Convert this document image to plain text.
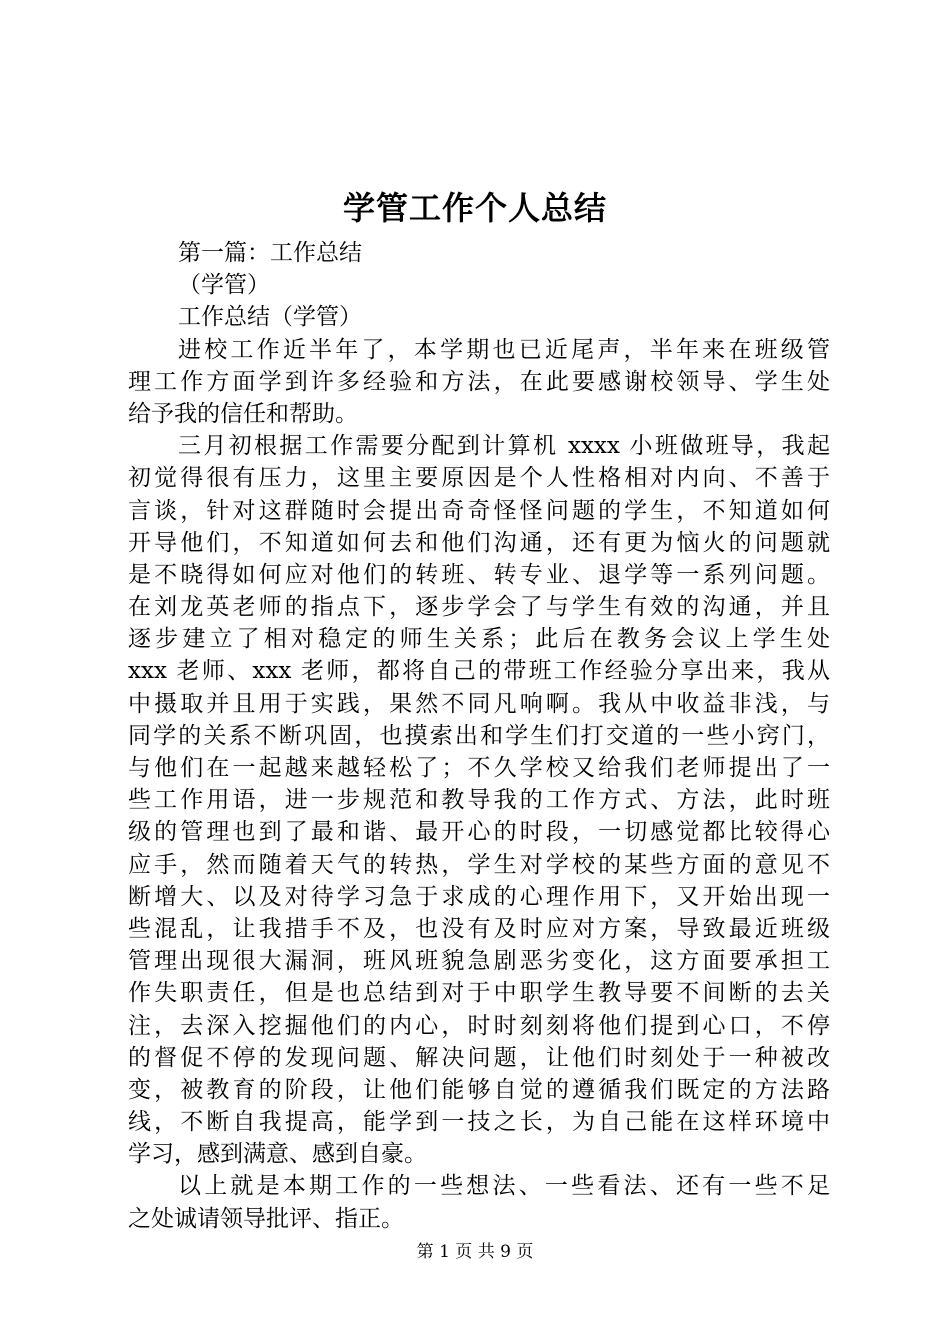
学管工作个人总结
第一篇：工作总结
（学管）
工作总结（学管）
进校工作近半年了，本学期也已近尾声，半年来在班级管
理工作方面学到许多经验和方法，在此要感谢校领导、学生处
给予我的信任和帮助。
三月初根据工作需要分配到计算机 xxxx 小班做班导，我起
初觉得很有压力，这里主要原因是个人性格相对内向、不善于
言谈，针对这群随时会提出奇奇怪怪问题的学生，不知道如何
开导他们，不知道如何去和他们沟通，还有更为恼火的问题就
是不晓得如何应对他们的转班、转专业、退学等一系列问题。
在刘龙英老师的指点下，逐步学会了与学生有效的沟通，并且
逐步建立了相对稳定的师生关系；此后在教务会议上学生处
xxx 老师、xxx 老师，都将自己的带班工作经验分享出来，我从
中摄取并且用于实践，果然不同凡响啊。我从中收益非浅，与
同学的关系不断巩固，也摸索出和学生们打交道的一些小窍门，
与他们在一起越来越轻松了；不久学校又给我们老师提出了一
些工作用语，进一步规范和教导我的工作方式、方法，此时班
级的管理也到了最和谐、最开心的时段，一切感觉都比较得心
应手，然而随着天气的转热，学生对学校的某些方面的意见不
断增大、以及对待学习急于求成的心理作用下，又开始出现一
些混乱，让我措手不及，也没有及时应对方案，导致最近班级
管理出现很大漏洞，班风班貌急剧恶劣变化，这方面要承担工
作失职责任，但是也总结到对于中职学生教导要不间断的去关
注，去深入挖掘他们的内心，时时刻刻将他们提到心口，不停
的督促不停的发现问题、解决问题，让他们时刻处于一种被改
变，被教育的阶段，让他们能够自觉的遵循我们既定的方法路
线，不断自我提高，能学到一技之长，为自己能在这样环境中
学习，感到满意、感到自豪。
以上就是本期工作的一些想法、一些看法、还有一些不足
之处诚请领导批评、指正。
第 1 页 共 9 页
